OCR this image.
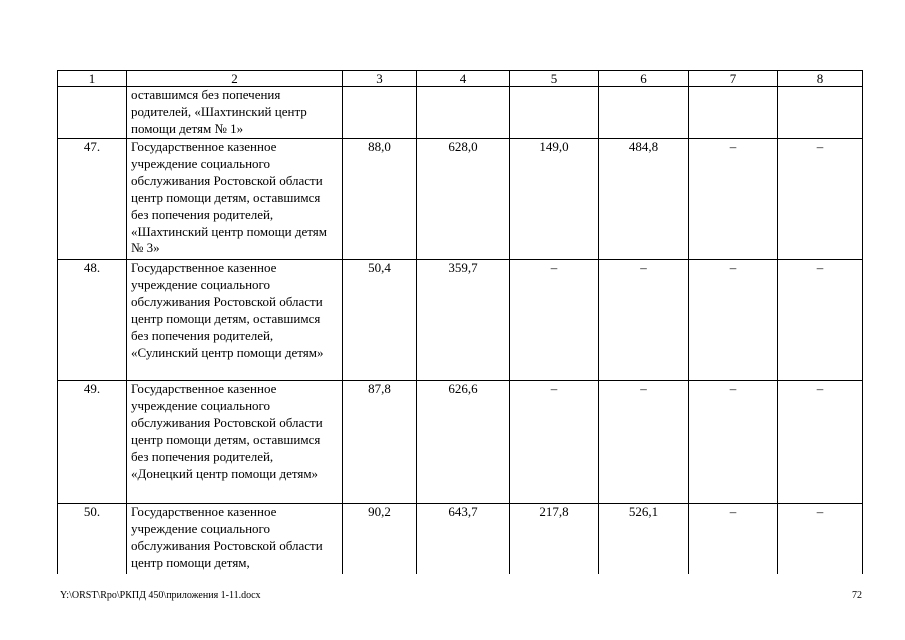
1	2	3	4	5	6	7	8
	оставшимся без попечения родителей, «Шахтинский центр помощи детям № 1»						
47.	Государственное казенное учреждение социального обслуживания Ростовской области центр помощи детям, оставшимся без попечения родителей, «Шахтинский центр помощи детям № 3»	88,0	628,0	149,0	484,8	–	–
48.	Государственное казенное учреждение социального обслуживания Ростовской области центр помощи детям, оставшимся без попечения родителей, «Сулинский центр помощи детям»	50,4	359,7	–	–	–	–
49.	Государственное казенное учреждение социального обслуживания Ростовской области центр помощи детям, оставшимся без попечения родителей, «Донецкий центр помощи детям»	87,8	626,6	–	–	–	–
50.	Государственное казенное учреждение социального обслуживания Ростовской области центр помощи детям,	90,2	643,7	217,8	526,1	–	–
Y:\ORST\Rpo\РКПД 450\приложения 1-11.docx	72
